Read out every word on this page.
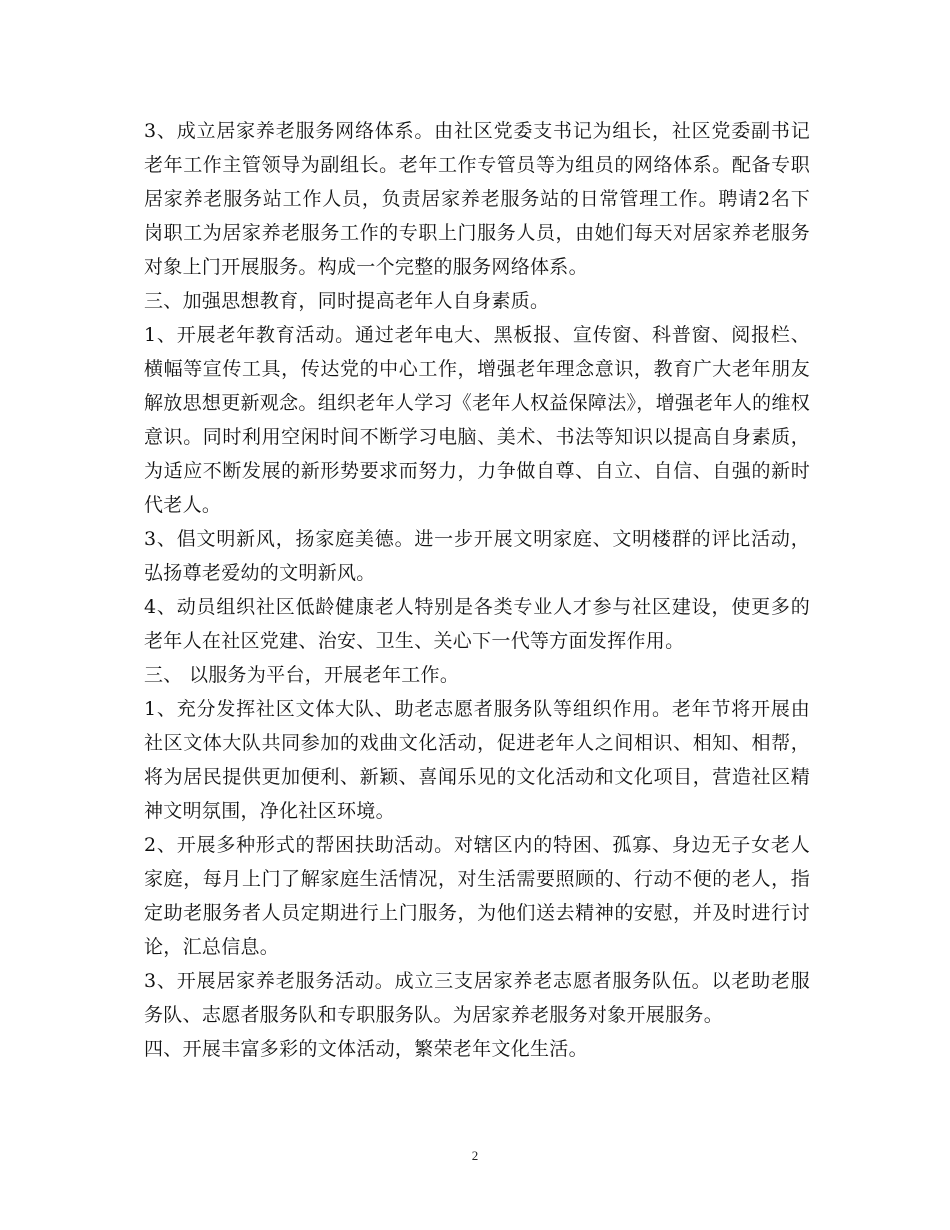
3、成立居家养老服务网络体系。由社区党委支书记为组长，社区党委副书记老年工作主管领导为副组长。老年工作专管员等为组员的网络体系。配备专职居家养老服务站工作人员，负责居家养老服务站的日常管理工作。聘请2名下岗职工为居家养老服务工作的专职上门服务人员，由她们每天对居家养老服务对象上门开展服务。构成一个完整的服务网络体系。

三、加强思想教育，同时提高老年人自身素质。

1、开展老年教育活动。通过老年电大、黑板报、宣传窗、科普窗、阅报栏、横幅等宣传工具，传达党的中心工作，增强老年理念意识，教育广大老年朋友解放思想更新观念。组织老年人学习《老年人权益保障法》，增强老年人的维权意识。同时利用空闲时间不断学习电脑、美术、书法等知识以提高自身素质，为适应不断发展的新形势要求而努力，力争做自尊、自立、自信、自强的新时代老人。

3、倡文明新风，扬家庭美德。进一步开展文明家庭、文明楼群的评比活动，弘扬尊老爱幼的文明新风。

4、动员组织社区低龄健康老人特别是各类专业人才参与社区建设，使更多的老年人在社区党建、治安、卫生、关心下一代等方面发挥作用。

三、 以服务为平台，开展老年工作。

1、充分发挥社区文体大队、助老志愿者服务队等组织作用。老年节将开展由社区文体大队共同参加的戏曲文化活动，促进老年人之间相识、相知、相帮，将为居民提供更加便利、新颖、喜闻乐见的文化活动和文化项目，营造社区精神文明氛围，净化社区环境。

2、开展多种形式的帮困扶助活动。对辖区内的特困、孤寡、身边无子女老人家庭，每月上门了解家庭生活情况，对生活需要照顾的、行动不便的老人，指定助老服务者人员定期进行上门服务，为他们送去精神的安慰，并及时进行讨论，汇总信息。

3、开展居家养老服务活动。成立三支居家养老志愿者服务队伍。以老助老服务队、志愿者服务队和专职服务队。为居家养老服务对象开展服务。

四、开展丰富多彩的文体活动，繁荣老年文化生活。

2
